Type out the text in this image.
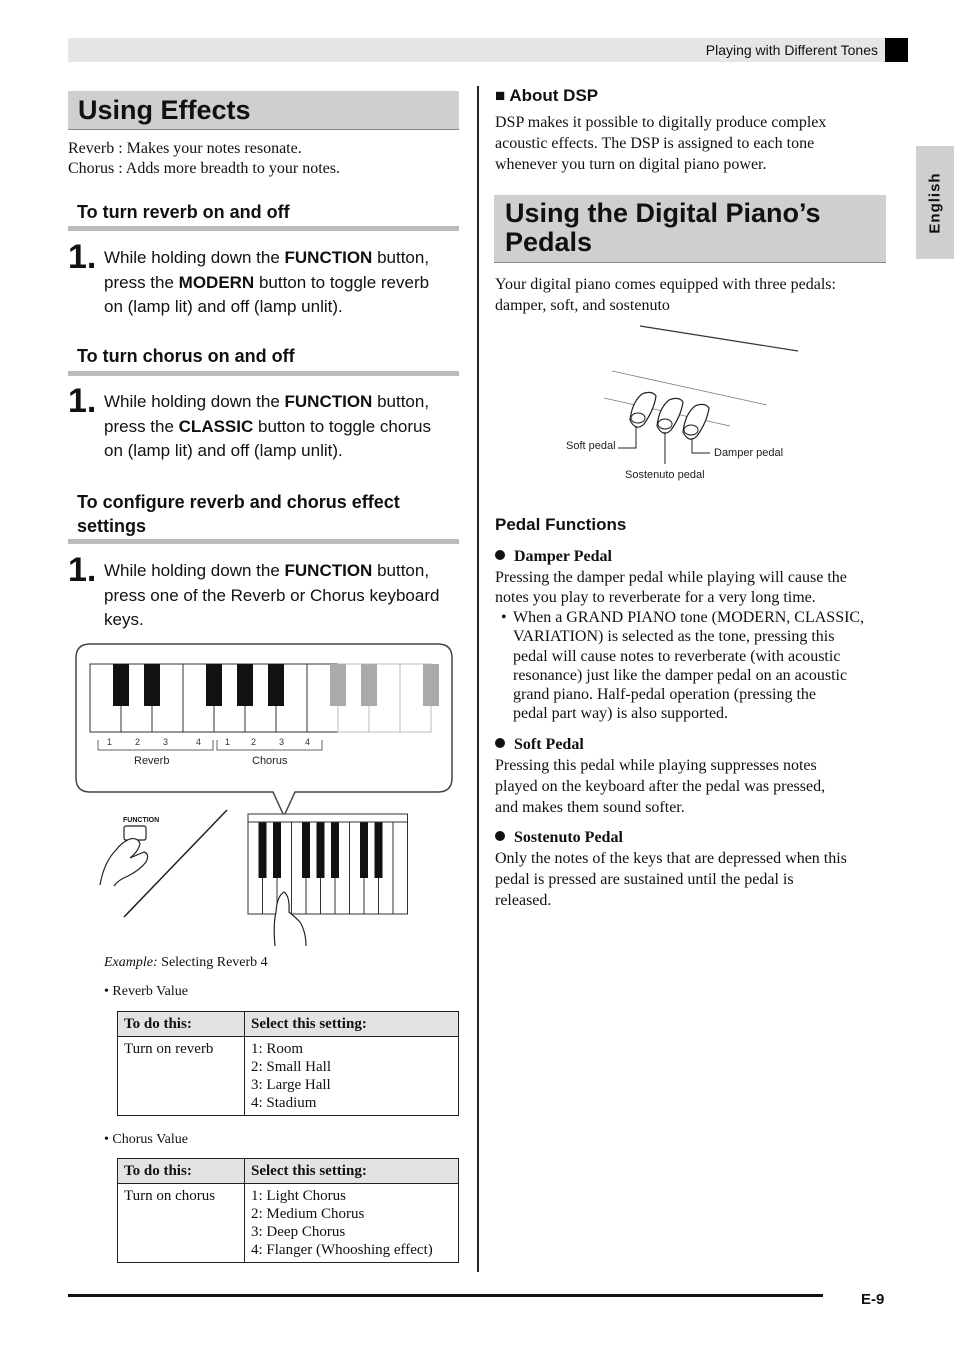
Playing with Different Tones
English
Using Effects
Reverb : Makes your notes resonate.
Chorus : Adds more breadth to your notes.
To turn reverb on and off
1. While holding down the FUNCTION button,
press the MODERN button to toggle reverb
on (lamp lit) and off (lamp unlit).
To turn chorus on and off
1. While holding down the FUNCTION button,
press the CLASSIC button to toggle chorus
on (lamp lit) and off (lamp unlit).
To configure reverb and chorus effect
settings
1. While holding down the FUNCTION button,
press one of the Reverb or Chorus keyboard
keys.
1	2	3	4	1 2	3 4
Reverb	Chorus
FUNCTION
Example: Selecting Reverb 4
• Reverb Value
To do this:	Select this setting:
Turn on reverb	1: Room
2: Small Hall
3: Large Hall
4: Stadium
• Chorus Value
To do this:	Select this setting:
Turn on chorus	1: Light Chorus
2: Medium Chorus
3: Deep Chorus
4: Flanger (Whooshing effect)
■ About DSP
DSP makes it possible to digitally produce complex
acoustic effects. The DSP is assigned to each tone
whenever you turn on digital piano power.
Using the Digital Piano’s
Pedals
Your digital piano comes equipped with three pedals:
damper, soft, and sostenuto
Soft pedal
Sostenuto pedal
Damper pedal
Pedal Functions
Damper Pedal
Pressing the damper pedal while playing will cause the
notes you play to reverberate for a very long time.
• When a GRAND PIANO tone (MODERN, CLASSIC,
VARIATION) is selected as the tone, pressing this
pedal will cause notes to reverberate (with acoustic
resonance) just like the damper pedal on an acoustic
grand piano. Half-pedal operation (pressing the
pedal part way) is also supported.
Soft Pedal
Pressing this pedal while playing suppresses notes
played on the keyboard after the pedal was pressed,
and makes them sound softer.
Sostenuto Pedal
Only the notes of the keys that are depressed when this
pedal is pressed are sustained until the pedal is
released.
E-9
